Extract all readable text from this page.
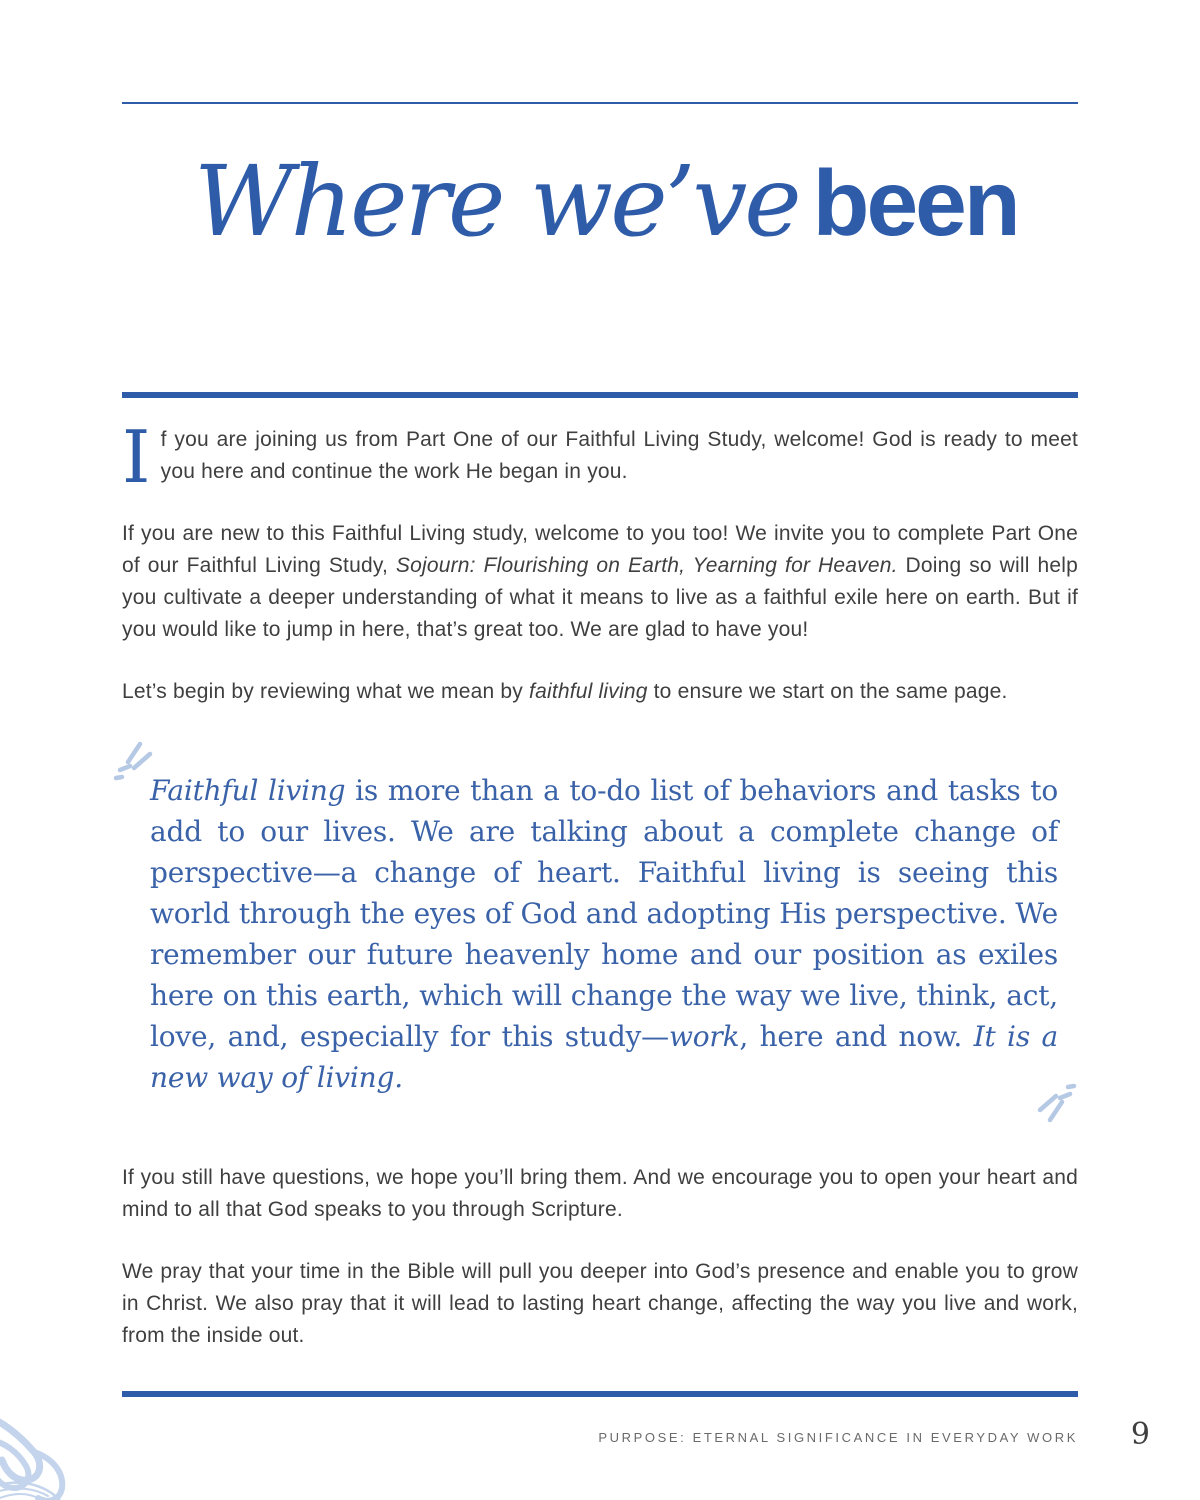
Where we’ve been

If you are joining us from Part One of our Faithful Living Study, welcome! God is ready to meet you here and continue the work He began in you.

If you are new to this Faithful Living study, welcome to you too! We invite you to complete Part One of our Faithful Living Study, Sojourn: Flourishing on Earth, Yearning for Heaven. Doing so will help you cultivate a deeper understanding of what it means to live as a faithful exile here on earth. But if you would like to jump in here, that’s great too. We are glad to have you!

Let’s begin by reviewing what we mean by faithful living to ensure we start on the same page.

Faithful living is more than a to-do list of behaviors and tasks to add to our lives. We are talking about a complete change of perspective—a change of heart. Faithful living is seeing this world through the eyes of God and adopting His perspective. We remember our future heavenly home and our position as exiles here on this earth, which will change the way we live, think, act, love, and, especially for this study—work, here and now. It is a new way of living.

If you still have questions, we hope you’ll bring them. And we encourage you to open your heart and mind to all that God speaks to you through Scripture.

We pray that your time in the Bible will pull you deeper into God’s presence and enable you to grow in Christ. We also pray that it will lead to lasting heart change, affecting the way you live and work, from the inside out.

PURPOSE: ETERNAL SIGNIFICANCE IN EVERYDAY WORK 9
